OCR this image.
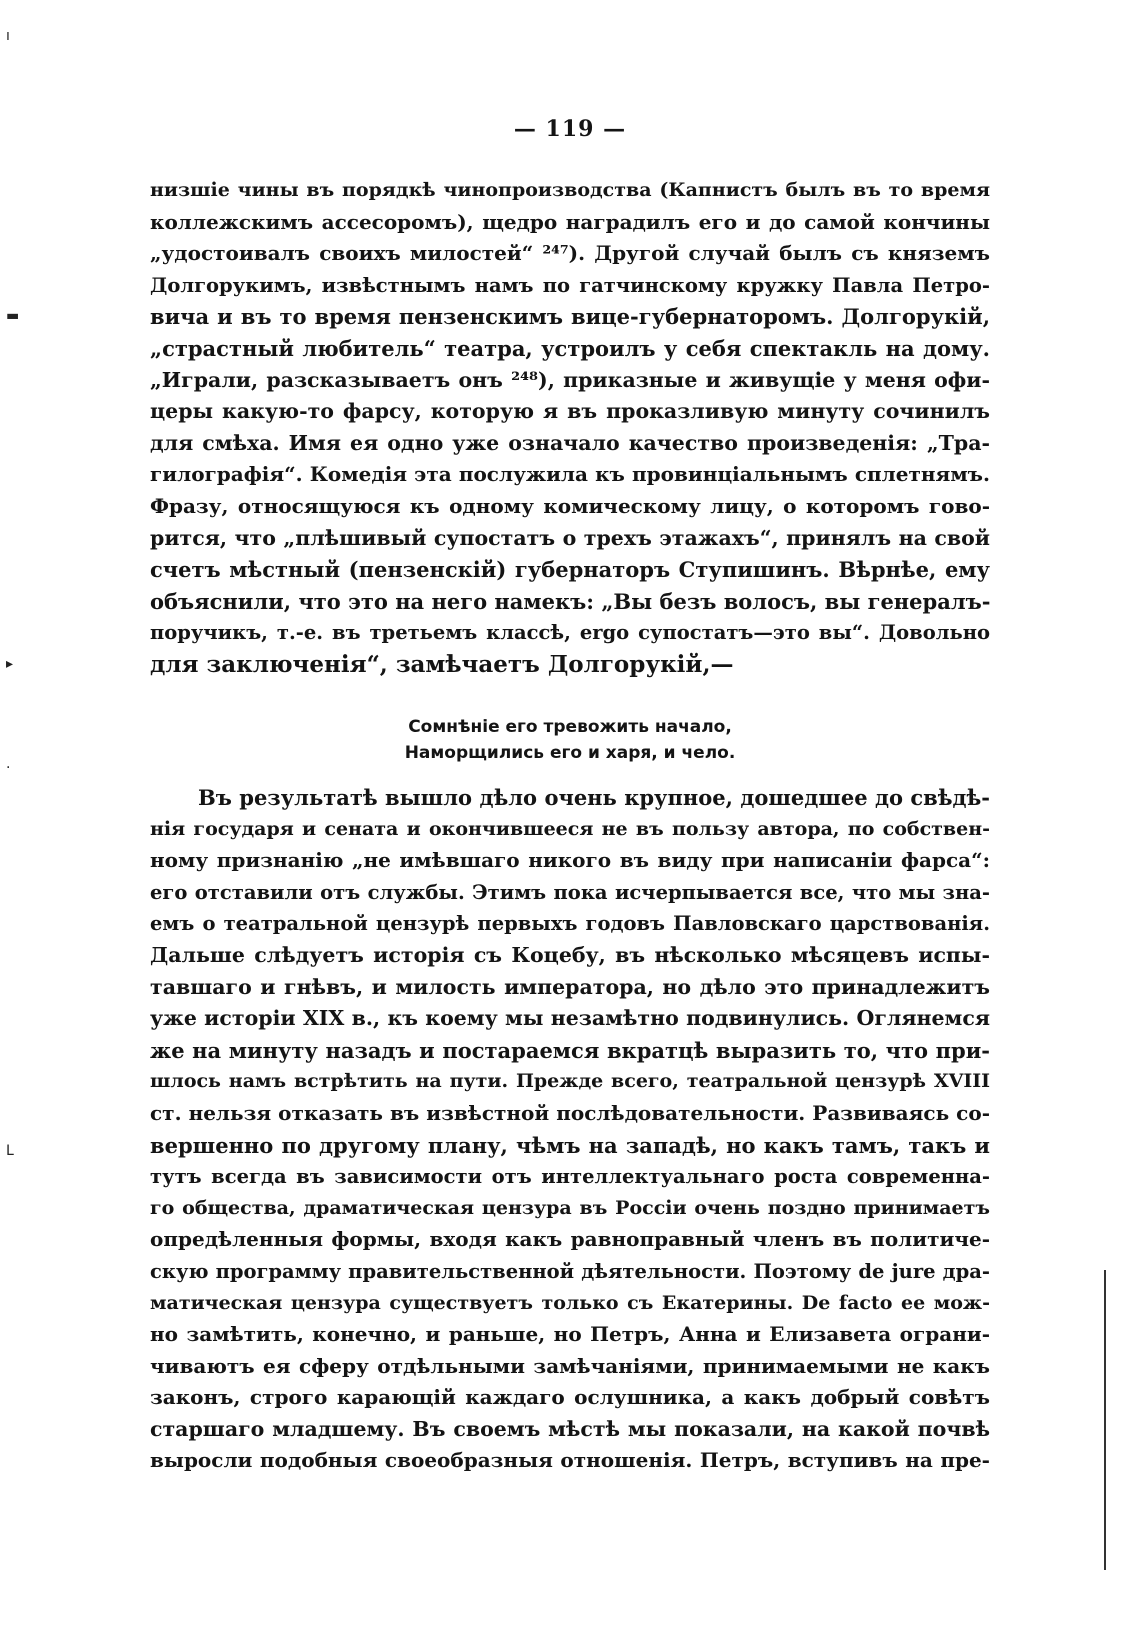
— 119 —
низшіе чины въ порядкѣ чинопроизводства (Капнистъ былъ въ то время
коллежскимъ ассесоромъ), щедро наградилъ его и до самой кончины
„удостоивалъ своихъ милостей“ ²⁴⁷). Другой случай былъ съ княземъ
Долгорукимъ, извѣстнымъ намъ по гатчинскому кружку Павла Петро-
вича и въ то время пензенскимъ вице-губернаторомъ. Долгорукій,
„страстный любитель“ театра, устроилъ у себя спектакль на дому.
„Играли, разсказываетъ онъ ²⁴⁸), приказные и живущіе у меня офи-
церы какую-то фарсу, которую я въ проказливую минуту сочинилъ
для смѣха. Имя ея одно уже означало качество произведенія: „Тра-
гилографія“. Комедія эта послужила къ провинціальнымъ сплетнямъ.
Фразу, относящуюся къ одному комическому лицу, о которомъ гово-
рится, что „плѣшивый супостатъ о трехъ этажахъ“, принялъ на свой
счетъ мѣстный (пензенскій) губернаторъ Ступишинъ. Вѣрнѣе, ему
объяснили, что это на него намекъ: „Вы безъ волосъ, вы генералъ-
поручикъ, т.-е. въ третьемъ классѣ, ergo супостатъ—это вы“. Довольно
для заключенія“, замѣчаетъ Долгорукій,—
Сомнѣніе его тревожить начало,
Наморщились его и харя, и чело.
Въ результатѣ вышло дѣло очень крупное, дошедшее до свѣдѣ-
нія государя и сената и окончившееся не въ пользу автора, по собствен-
ному признанію „не имѣвшаго никого въ виду при написаніи фарса“:
его отставили отъ службы. Этимъ пока исчерпывается все, что мы зна-
емъ о театральной цензурѣ первыхъ годовъ Павловскаго царствованія.
Дальше слѣдуетъ исторія съ Коцебу, въ нѣсколько мѣсяцевъ испы-
тавшаго и гнѣвъ, и милость императора, но дѣло это принадлежитъ
уже исторіи XIX в., къ коему мы незамѣтно подвинулись. Оглянемся
же на минуту назадъ и постараемся вкратцѣ выразить то, что при-
шлось намъ встрѣтить на пути. Прежде всего, театральной цензурѣ XVIII
ст. нельзя отказать въ извѣстной послѣдовательности. Развиваясь со-
вершенно по другому плану, чѣмъ на западѣ, но какъ тамъ, такъ и
тутъ всегда въ зависимости отъ интеллектуальнаго роста современна-
го общества, драматическая цензура въ Россіи очень поздно принимаетъ
опредѣленныя формы, входя какъ равноправный членъ въ политиче-
скую программу правительственной дѣятельности. Поэтому de jure дра-
матическая цензура существуетъ только съ Екатерины. De facto ее мож-
но замѣтить, конечно, и раньше, но Петръ, Анна и Елизавета ограни-
чиваютъ ея сферу отдѣльными замѣчаніями, принимаемыми не какъ
законъ, строго карающій каждаго ослушника, а какъ добрый совѣтъ
старшаго младшему. Въ своемъ мѣстѣ мы показали, на какой почвѣ
выросли подобныя своеобразныя отношенія. Петръ, вступивъ на пре-
ı
▬
▸
·
ᒪ
